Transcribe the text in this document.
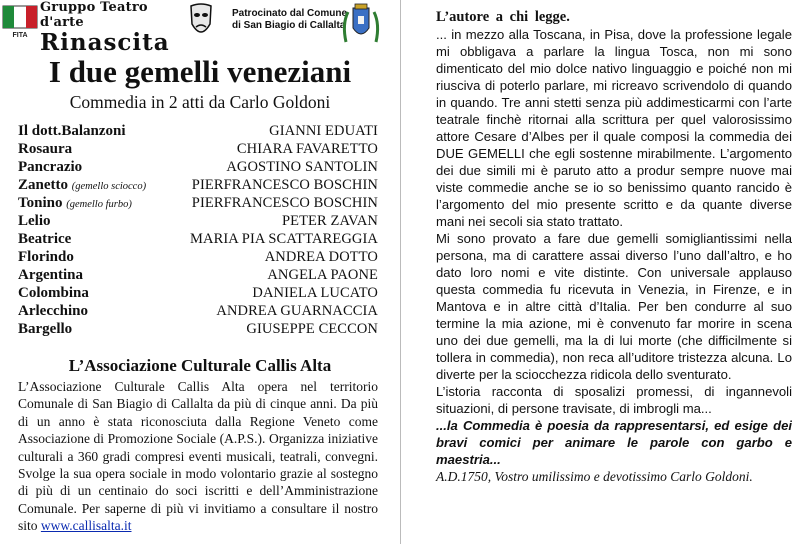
FITA
Gruppo Teatro d'arte
Rinascita
Patrocinato dal Comune
di San Biagio di Callalta
I due gemelli veneziani
Commedia in 2 atti da Carlo Goldoni
Il dott.Balanzoni	GIANNI EDUATI
Rosaura	CHIARA FAVARETTO
Pancrazio	AGOSTINO SANTOLIN
Zanetto (gemello sciocco)	PIERFRANCESCO BOSCHIN
Tonino (gemello furbo)	PIERFRANCESCO BOSCHIN
Lelio	PETER ZAVAN
Beatrice	MARIA PIA SCATTAREGGIA
Florindo	ANDREA DOTTO
Argentina	ANGELA PAONE
Colombina	DANIELA LUCATO
Arlecchino	ANDREA GUARNACCIA
Bargello	GIUSEPPE CECCON
L’Associazione Culturale Callis Alta
L’Associazione Culturale Callis Alta opera nel territorio Comunale di San Biagio di Callalta da più di cinque anni. Da più di un anno è stata riconosciuta dalla Regione Veneto come Associazione di Promozione Sociale (A.P.S.). Organizza iniziative culturali a 360 gradi compresi eventi musicali, teatrali, convegni. Svolge la sua opera sociale in modo volontario grazie al sostegno di più di un centinaio do soci iscritti e dell’Amministrazione Comunale. Per saperne di più vi invitiamo a consultare il nostro sito www.callisalta.it
L’autore a chi legge.

... in mezzo alla Toscana, in Pisa, dove la professione legale mi obbligava a parlare la lingua Tosca, non mi sono dimenticato del mio dolce nativo linguaggio e poiché non mi riusciva di poterlo parlare, mi ricreavo scrivendolo di quando in quando. Tre anni stetti senza più addimesticarmi con l’arte teatrale finchè ritornai alla scrittura per quel valorosissimo attore Cesare d’Albes per il quale composi la commedia dei DUE GEMELLI che egli sostenne mirabilmente. L’argomento dei due simili mi è paruto atto a produr sempre nuove mai viste commedie anche se io so benissimo quanto rancido è l’argomento del mio presente scritto e da quante diverse mani nei secoli sia stato trattato.

Mi sono provato a fare due gemelli somigliantissimi nella persona, ma di carattere assai diverso l’uno dall’altro, e ho dato loro nomi e vite distinte. Con universale applauso questa commedia fu ricevuta in Venezia, in Firenze, e in Mantova e in altre città d’Italia. Per ben condurre al suo termine la mia azione, mi è convenuto far morire in scena uno dei due gemelli, ma la di lui morte (che difficilmente si tollera in commedia), non reca all’uditore tristezza alcuna. Lo diverte per la sciocchezza ridicola dello sventurato.

L’istoria racconta di sposalizi promessi, di ingannevoli situazioni, di persone travisate, di imbrogli ma...

...la Commedia è poesia da rappresentarsi, ed esige dei bravi comici per animare le parole con garbo e maestria...

A.D.1750, Vostro umilissimo e devotissimo Carlo Goldoni.
